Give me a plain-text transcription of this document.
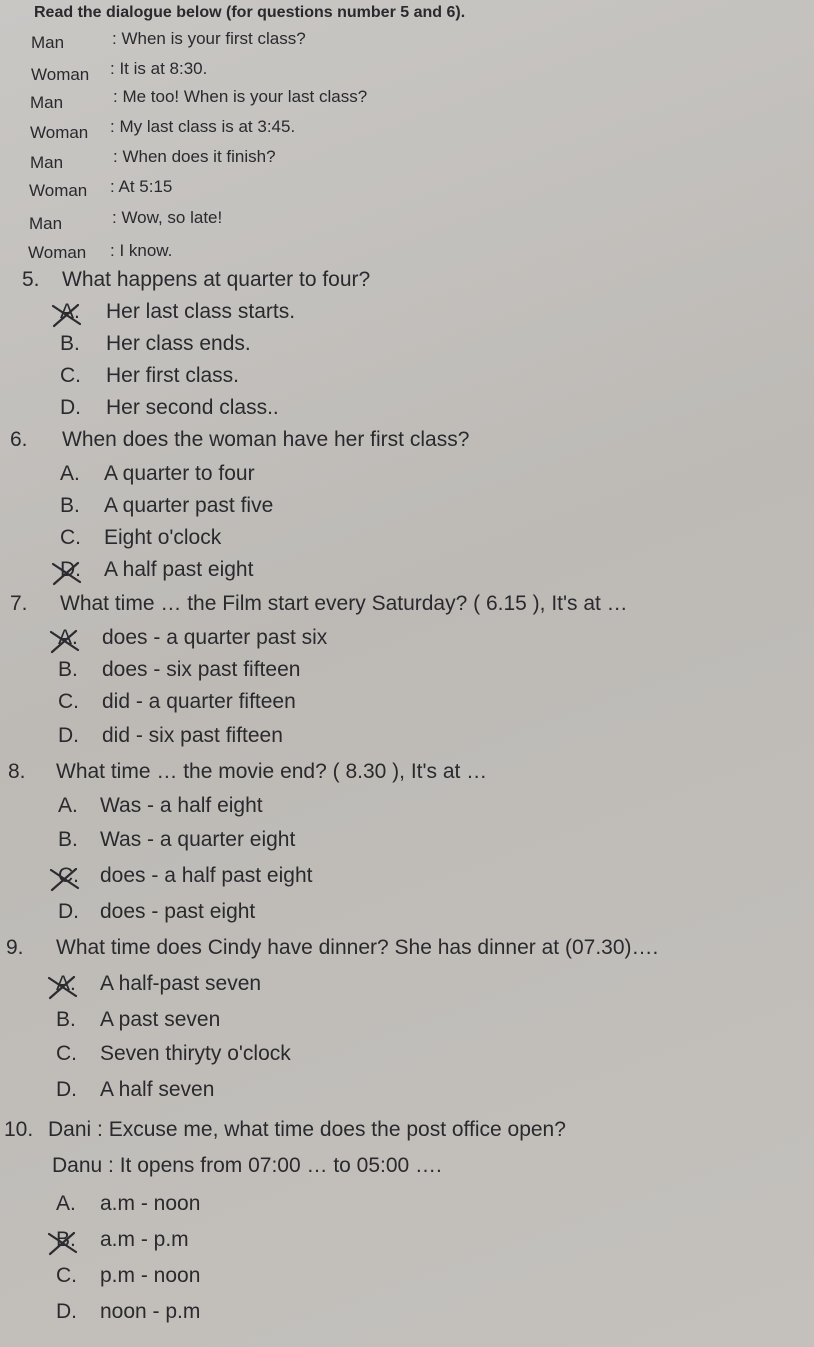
Read the dialogue below (for questions number 5 and 6).
Man	: When is your first class?
Woman : It is at 8:30.
Man	: Me too! When is your last class?
Woman : My last class is at 3:45.
Man	: When does it finish?
Woman : At 5:15
Man	: Wow, so late!
Woman : I know.
5. What happens at quarter to four?
A. Her last class starts.
B. Her class ends.
C. Her first class.
D. Her second class..
6. When does the woman have her first class?
A. A quarter to four
B. A quarter past five
C. Eight o'clock
D. A half past eight
7. What time … the Film start every Saturday? ( 6.15 ), It's at …
A. does - a quarter past six
B. does - six past fifteen
C. did - a quarter fifteen
D. did - six past fifteen
8. What time … the movie end? ( 8.30 ), It's at …
A. Was - a half eight
B. Was - a quarter eight
C. does - a half past eight
D. does - past eight
9. What time does Cindy have dinner? She has dinner at (07.30)….
A. A half-past seven
B. A past seven
C. Seven thiryty o'clock
D. A half seven
10. Dani : Excuse me, what time does the post office open?
Danu : It opens from 07:00 … to 05:00 ….
A. a.m - noon
B. a.m - p.m
C. p.m - noon
D. noon - p.m
